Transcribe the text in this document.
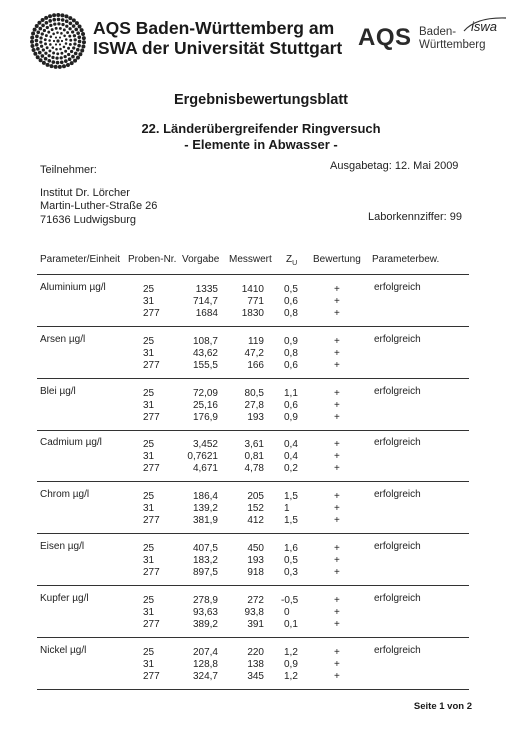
AQS Baden-Württemberg am
ISWA der Universität Stuttgart AQS Baden-
Württemberg
iswa
Ergebnisbewertungsblatt
22. Länderübergreifender Ringversuch
- Elemente in Abwasser -
Teilnehmer:	Ausgabetag: 12. Mai 2009
Institut Dr. Lörcher
Martin-Luther-Straße 26
71636 Ludwigsburg	Laborkennziffer: 99
Parameter/Einheit Proben-Nr. Vorgabe Messwert $Z_U$ Bewertung Parameterbew.
Aluminium µg/l	erfolgreich
25	1335 1410 0,5	+
31	714,7	771 0,6	+
277	1684 1830 0,8	+
Arsen µg/l	erfolgreich
25	108,7	119 0,9	+
31	43,62	47,2 0,8	+
277	155,5	166 0,6	+
Blei µg/l	erfolgreich
25	72,09	80,5 1,1	+
31	25,16	27,8 0,6	+
277	176,9	193 0,9	+
Cadmium µg/l	erfolgreich
25	3,452	3,61 0,4	+
31	0,7621	0,81 0,4	+
277	4,671	4,78 0,2	+
Chrom µg/l	erfolgreich
25	186,4	205 1,5	+
31	139,2	152 1	+
277	381,9	412 1,5	+
Eisen µg/l	erfolgreich
25	407,5	450 1,6	+
31	183,2	193 0,5	+
277	897,5	918 0,3	+
Kupfer µg/l	erfolgreich
25	278,9	272 -0,5	+
31	93,63	93,8 0	+
277	389,2	391 0,1	+
Nickel µg/l	erfolgreich
25	207,4	220 1,2	+
31	128,8	138 0,9	+
277	324,7	345 1,2	+
Seite 1 von 2
